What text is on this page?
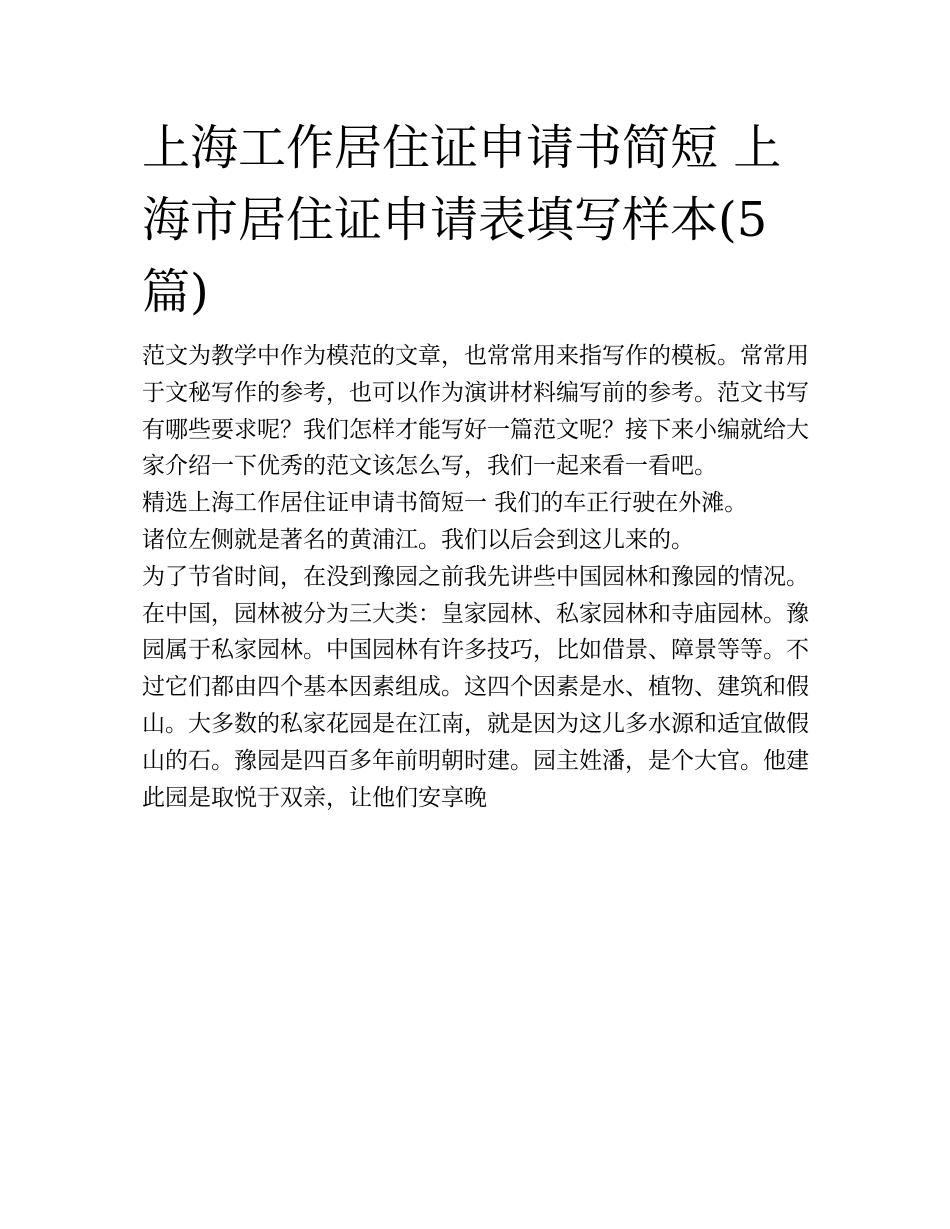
上海工作居住证申请书简短 上海市居住证申请表填写样本(5篇)

范文为教学中作为模范的文章，也常常用来指写作的模板。常常用于文秘写作的参考，也可以作为演讲材料编写前的参考。范文书写有哪些要求呢？我们怎样才能写好一篇范文呢？接下来小编就给大家介绍一下优秀的范文该怎么写，我们一起来看一看吧。

精选上海工作居住证申请书简短一 我们的车正行驶在外滩。

诸位左侧就是著名的黄浦江。我们以后会到这儿来的。

为了节省时间，在没到豫园之前我先讲些中国园林和豫园的情况。

在中国，园林被分为三大类：皇家园林、私家园林和寺庙园林。豫园属于私家园林。中国园林有许多技巧，比如借景、障景等等。不过它们都由四个基本因素组成。这四个因素是水、植物、建筑和假山。大多数的私家花园是在江南，就是因为这儿多水源和适宜做假山的石。豫园是四百多年前明朝时建。园主姓潘，是个大官。他建此园是取悦于双亲，让他们安享晚
